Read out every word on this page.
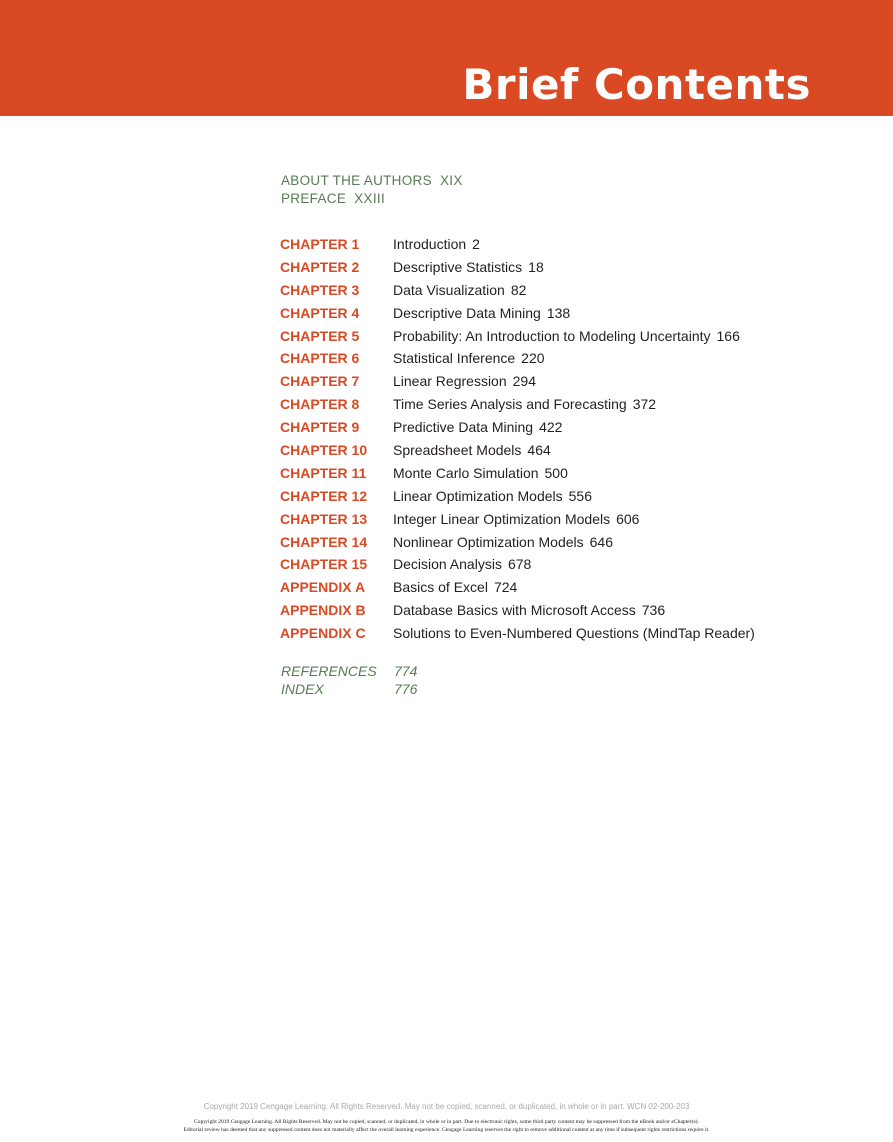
Brief Contents
ABOUT THE AUTHORS XIX
PREFACE XXIII
CHAPTER 1 Introduction 2
CHAPTER 2 Descriptive Statistics 18
CHAPTER 3 Data Visualization 82
CHAPTER 4 Descriptive Data Mining 138
CHAPTER 5 Probability: An Introduction to Modeling Uncertainty 166
CHAPTER 6 Statistical Inference 220
CHAPTER 7 Linear Regression 294
CHAPTER 8 Time Series Analysis and Forecasting 372
CHAPTER 9 Predictive Data Mining 422
CHAPTER 10 Spreadsheet Models 464
CHAPTER 11 Monte Carlo Simulation 500
CHAPTER 12 Linear Optimization Models 556
CHAPTER 13 Integer Linear Optimization Models 606
CHAPTER 14 Nonlinear Optimization Models 646
CHAPTER 15 Decision Analysis 678
APPENDIX A Basics of Excel 724
APPENDIX B Database Basics with Microsoft Access 736
APPENDIX C Solutions to Even-Numbered Questions (MindTap Reader)
REFERENCES 774
INDEX	776
Copyright 2019 Cengage Learning. All Rights Reserved. May not be copied, scanned, or duplicated, in whole or in part. WCN 02-200-203
Copyright 2019 Cengage Learning. All Rights Reserved. May not be copied, scanned, or duplicated, in whole or in part. Due to electronic rights, some third party content may be suppressed from the eBook and/or eChapter(s).
Editorial review has deemed that any suppressed content does not materially affect the overall learning experience. Cengage Learning reserves the right to remove additional content at any time if subsequent rights restrictions require it.
